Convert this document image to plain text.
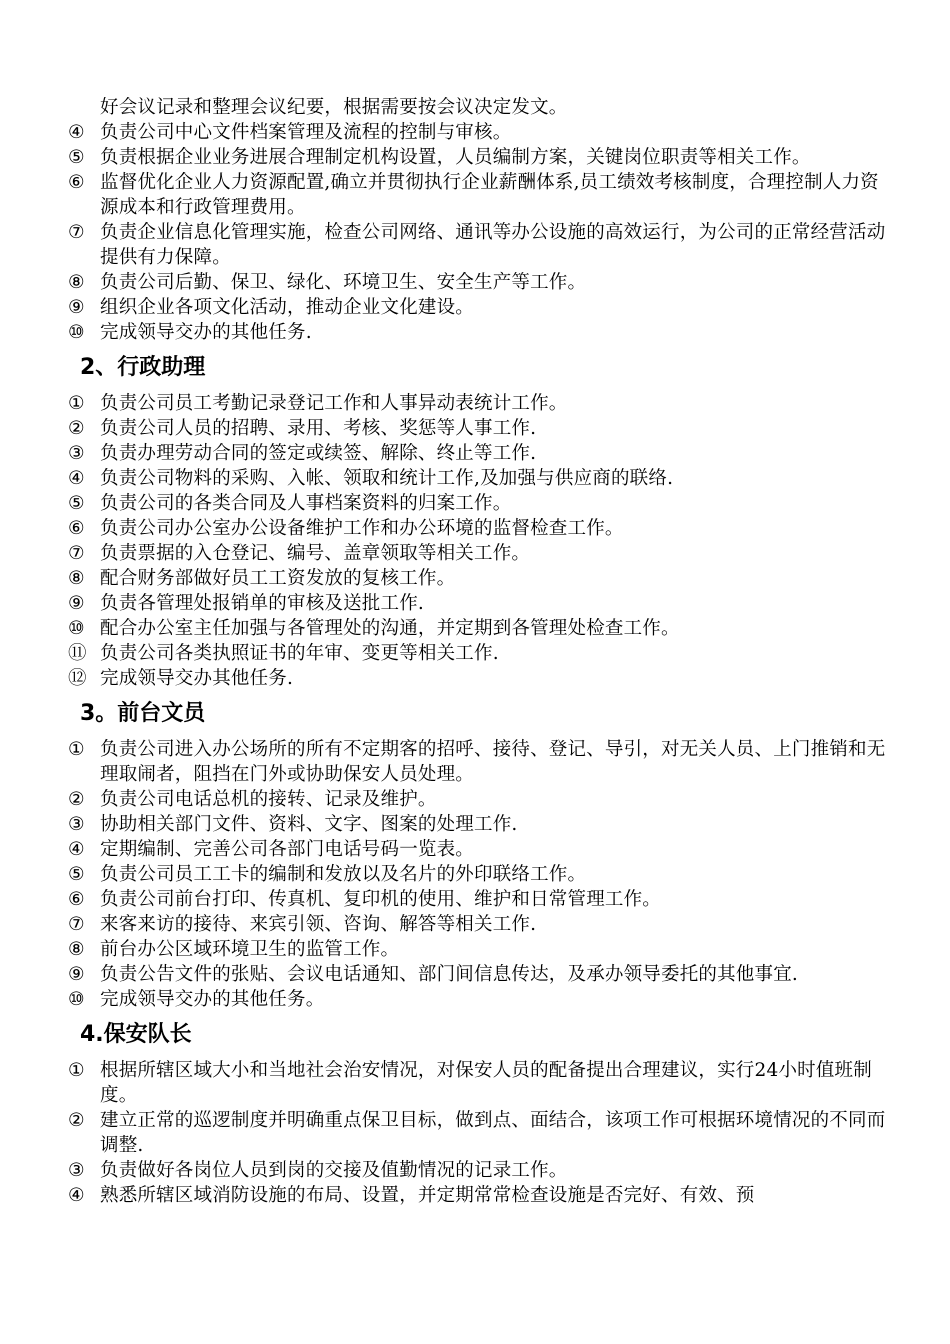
好会议记录和整理会议纪要，根据需要按会议决定发文。
④ 负责公司中心文件档案管理及流程的控制与审核。
⑤ 负责根据企业业务进展合理制定机构设置，人员编制方案，关键岗位职责等相关工作。
⑥ 监督优化企业人力资源配置,确立并贯彻执行企业薪酬体系,员工绩效考核制度，合理控制人力资源成本和行政管理费用。
⑦ 负责企业信息化管理实施，检查公司网络、通讯等办公设施的高效运行，为公司的正常经营活动提供有力保障。
⑧ 负责公司后勤、保卫、绿化、环境卫生、安全生产等工作。
⑨ 组织企业各项文化活动，推动企业文化建设。
⑩ 完成领导交办的其他任务.
2、行政助理
① 负责公司员工考勤记录登记工作和人事异动表统计工作。
② 负责公司人员的招聘、录用、考核、奖惩等人事工作.
③ 负责办理劳动合同的签定或续签、解除、终止等工作.
④ 负责公司物料的采购、入帐、领取和统计工作,及加强与供应商的联络.
⑤ 负责公司的各类合同及人事档案资料的归案工作。
⑥ 负责公司办公室办公设备维护工作和办公环境的监督检查工作。
⑦ 负责票据的入仓登记、编号、盖章领取等相关工作。
⑧ 配合财务部做好员工工资发放的复核工作。
⑨ 负责各管理处报销单的审核及送批工作.
⑩ 配合办公室主任加强与各管理处的沟通，并定期到各管理处检查工作。
⑪ 负责公司各类执照证书的年审、变更等相关工作.
⑫ 完成领导交办其他任务.
3。前台文员
① 负责公司进入办公场所的所有不定期客的招呼、接待、登记、导引，对无关人员、上门推销和无理取闹者，阻挡在门外或协助保安人员处理。
② 负责公司电话总机的接转、记录及维护。
③ 协助相关部门文件、资料、文字、图案的处理工作.
④ 定期编制、完善公司各部门电话号码一览表。
⑤ 负责公司员工工卡的编制和发放以及名片的外印联络工作。
⑥ 负责公司前台打印、传真机、复印机的使用、维护和日常管理工作。
⑦ 来客来访的接待、来宾引领、咨询、解答等相关工作.
⑧ 前台办公区域环境卫生的监管工作。
⑨ 负责公告文件的张贴、会议电话通知、部门间信息传达，及承办领导委托的其他事宜.
⑩ 完成领导交办的其他任务。
4.保安队长
① 根据所辖区域大小和当地社会治安情况，对保安人员的配备提出合理建议，实行24小时值班制度。
② 建立正常的巡逻制度并明确重点保卫目标，做到点、面结合，该项工作可根据环境情况的不同而调整.
③ 负责做好各岗位人员到岗的交接及值勤情况的记录工作。
④ 熟悉所辖区域消防设施的布局、设置，并定期常常检查设施是否完好、有效、预
